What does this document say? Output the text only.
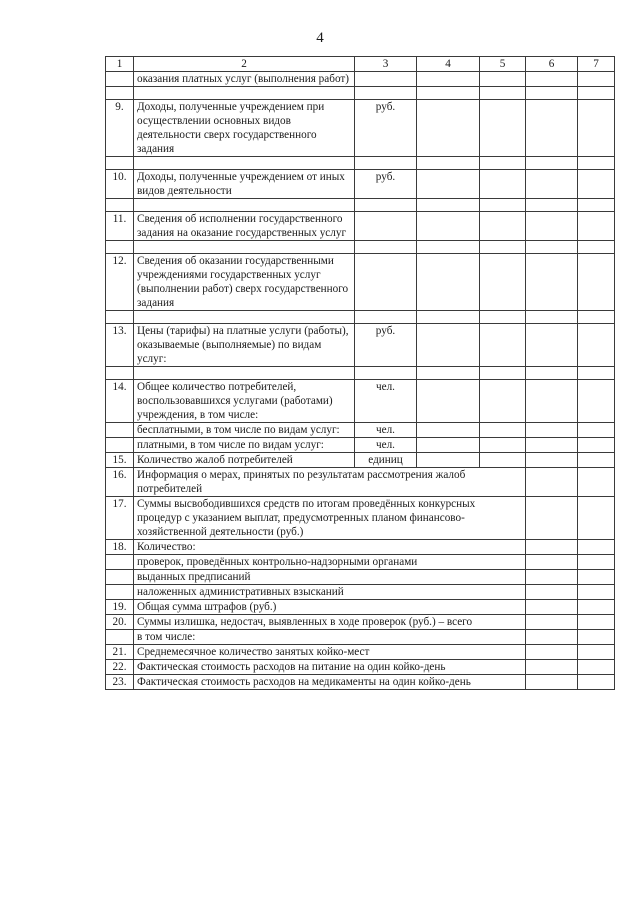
4
1	2	3	4	5	6	7
	оказания платных услуг (выполнения работ)					

9.	Доходы, полученные учреждением при осуществлении основных видов деятельности сверх государственного задания	руб.				

10.	Доходы, полученные учреждением от иных видов деятельности	руб.				

11.	Сведения об исполнении государственного задания на оказание государственных услуг					

12.	Сведения об оказании государственными учреждениями государственных услуг (выполнении работ) сверх государственного задания					

13.	Цены (тарифы) на платные услуги (работы), оказываемые (выполняемые) по видам услуг:	руб.				

14.	Общее количество потребителей, воспользовавшихся услугами (работами) учреждения, в том числе:	чел.				
	бесплатными, в том числе по видам услуг:	чел.				
	платными, в том числе по видам услуг:	чел.				
15.	Количество жалоб потребителей	единиц				
16.	Информация о мерах, принятых по результатам рассмотрения жалоб потребителей					
17.	Суммы высвободившихся средств по итогам проведённых конкурсных процедур с указанием выплат, предусмотренных планом финансово-хозяйственной деятельности (руб.)					
18.	Количество:					
	проверок, проведённых контрольно-надзорными органами					
	выданных предписаний					
	наложенных административных взысканий					
19.	Общая сумма штрафов (руб.)					
20.	Суммы излишка, недостач, выявленных в ходе проверок (руб.) – всего					
	в том числе:					
21.	Среднемесячное количество занятых койко-мест					
22.	Фактическая стоимость расходов на питание на один койко-день					
23.	Фактическая стоимость расходов на медикаменты на один койко-день					
